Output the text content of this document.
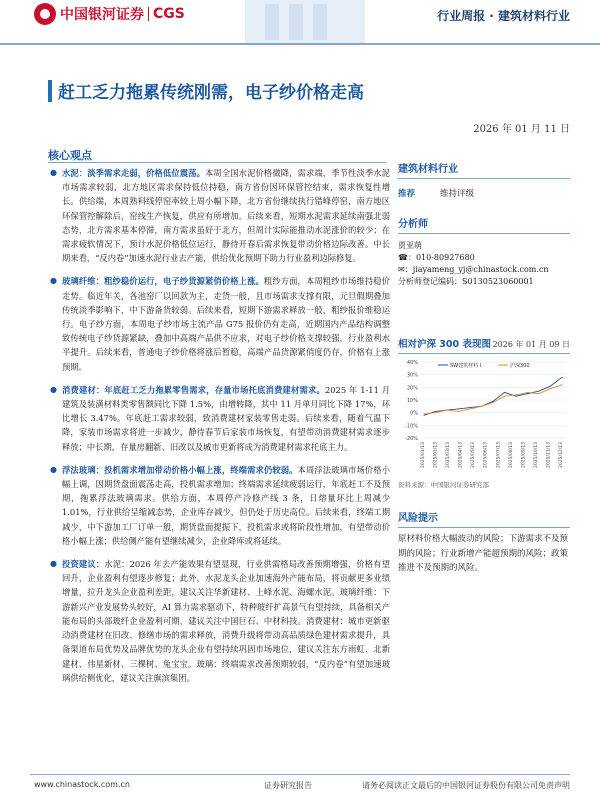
中国银河证券 CGS	行业周报 · 建筑材料行业
赶工乏力拖累传统刚需，电子纱价格走高
2026 年 01 月 11 日
核心观点
● 水泥：淡季需求走弱，价格低位震荡。本周全国水泥价格微降，需求端，季节性淡季水泥市场需求较弱，北方地区需求保持低位持稳，南方省份因环保管控结束，需求恢复性增长。供给端，本周熟料线停窑率较上周小幅下降，北方省份继续执行错峰停窑，南方地区环保管控解除后，窑线生产恢复，供应有所增加。后续来看，短期水泥需求延续南强北弱态势，北方需求基本停滞，南方需求虽好于北方，但周计实际能推动水泥涨价的较少；在需求疲软情况下，预计水泥价格低位运行，静待开春后需求恢复带动价格边际改善。中长期来看，“反内卷”加速水泥行业去产能，供给优化预期下助力行业盈利边际修复。
● 玻璃纤维：粗纱稳价运行，电子纱货源紧俏价格上涨。粗纱方面，本周粗纱市场维持稳价走势。临近年关，各池窑厂以回款为主，走货一般，且市场需求支撑有限，元旦假期叠加传统淡季影响下，中下游备货较弱。后续来看，短期下游需求释放一般，粗纱报价维稳运行。电子纱方面，本周电子纱市场主流产品 G75 报价仍有走高，近期国内产品结构调整致传统电子纱货源紧缺，叠加中高端产品供不应求，对电子纱价格支撑较强，行业盈利水平提升。后续来看，普通电子纱价格将涨后暂稳，高端产品货源紧俏度仍存，价格有上涨预期。
● 消费建材：年底赶工乏力拖累零售需求，存量市场托底消费建材需求。2025 年 1-11 月建筑及装潢材料类零售额同比下降 1.5%，由增转降，其中 11 月单月同比下降 17%，环比增长 3.47%。年底赶工需求较弱，致消费建材家装零售走弱。后续来看，随着气温下降，家装市场需求将进一步减少，静待春节后家装市场恢复，有望带动消费建材需求逐步释放；中长期，存量房翻新、旧改以及城市更新将成为消费建材需求托底主力。
● 浮法玻璃：投机需求增加带动价格小幅上涨，终端需求仍较弱。本周浮法玻璃市场价格小幅上调，因期货盘面震荡走高，投机需求增加；终端需求延续疲弱运行，年底赶工不及预期，拖累浮法玻璃需求。供给方面，本周停产冷修产线 3 条，日熔量环比上周减少 1.01%，行业供给呈缩减态势，企业库存减少，但仍处于历史高位。后续来看，终端工期减少，中下游加工厂订单一般，期货盘面提振下，投机需求或将阶段性增加，有望带动价格小幅上涨；供给侧产能有望继续减少，企业降库或将延续。
● 投资建议：水泥：2026 年去产能效果有望显现，行业供需格局改善预期增强，价格有望回升，企业盈利有望逐步修复；此外，水泥龙头企业加速海外产能布局，将贡献更多业绩增量，拉升龙头企业盈利差距，建议关注华新建材、上峰水泥、海螺水泥。玻璃纤维：下游新兴产业发展势头较好，AI 算力需求驱动下，特种玻纤扩高景气有望持续，具备相关产能布局的头部玻纤企业盈利可期，建议关注中国巨石、中材科技。消费建材：城市更新驱动消费建材在旧改、修缮市场的需求释放，消费升级将带动高品质绿色建材需求提升，具备渠道布局优势及品牌优势的龙头企业有望持续巩固市场地位，建议关注东方雨虹、北新建材、伟星新材、三棵树、兔宝宝。玻璃：终端需求改善预期较弱，“反内卷”有望加速玻璃供给侧优化，建议关注旗滨集团。
建筑材料行业
推荐	维持评级
分析师
贾亚萌
☎：010-80927680
✉：jiayameng_yj@chinastock.com.cn
分析师登记编码：S0130523060001
相对沪深 300 表现图 2026 年 01 月 09 日
40%
30%
20%
10%
0%
-10%
-20%
2025/01/13 2025/02/13 2025/03/13 2025/04/13 2025/05/13 2025/06/13 2025/07/13 2025/08/13 2025/09/13 2025/10/13 2025/11/13 2025/12/13
SW建筑材料 I	沪深300
资料来源：中国银河证券研究部
风险提示
原材料价格大幅波动的风险；下游需求不及预期的风险；行业新增产能超预期的风险；政策推进不及预期的风险。
www.chinastock.com.cn	证券研究报告	请务必阅读正文最后的中国银河证券股份有限公司免责声明
